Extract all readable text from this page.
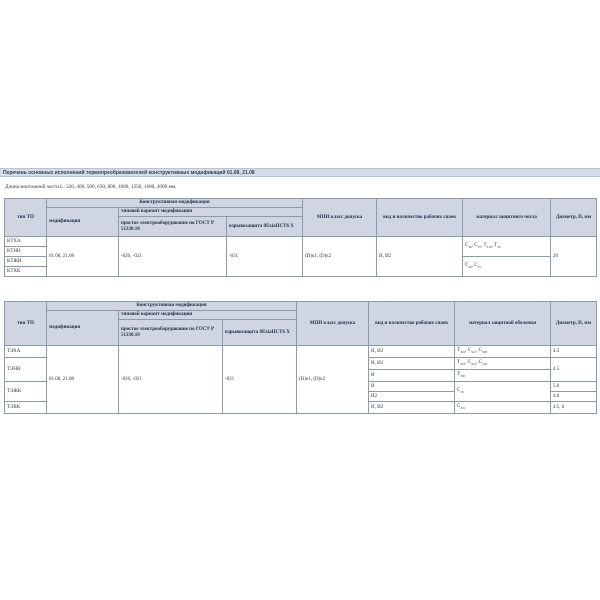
Перечень основных исполнений термопреобразователей конструктивных модификаций 01.08, 21.08
Длина монтажной части L: 320, 400, 500, 630, 800, 1000, 1250, 1600, 2000 мм.
тип ТП	Конструктивная модификация			МПИ класс допуска	вид и количество рабочих спаев	материал защитного чехла	Диаметр, D, мм
	модификация	типовой вариант модификации					
		простое электрооборудование по ГОСТ Р 51330.10	взрывозащита 0ExiaIICT6 X				
КТХА	01.08, 21.08	-020, -021	-031	(D)к1, (D)к2	И, И2	$С_{20}$, $С_{15}$, $Т_{310}$, $Т_{45}$	20
КТНН							
КТЖН						$С_{20}$, $С_{15}$
КТХК							
тип ТП	Конструктивная модификация			МПИ класс допуска	вид и количество рабочих спаев	материал защитной оболочки	Диаметр, D, мм
	модификация	типовой вариант модификации					
		простое электрооборудование по ГОСТ Р 51330.10	взрывозащита 0ExiaIICT6 X				
ТЭХА	01.08, 21.08	-020, -021	-031	(D)к1, (D)к2	И, И2	$Т_{310}$, $С_{321}$, $С_{318}$	4.5
ТЭНН					И, И2	$Т_{310}$, $С_{321}$, $С_{318}$	4.5
					И	$Т_{740}$
ТЭЖК					И	$С_{10}$	5.0
					И2		4.6
ТЭВК					И, И2	$С_{321}$	4.5, 6
